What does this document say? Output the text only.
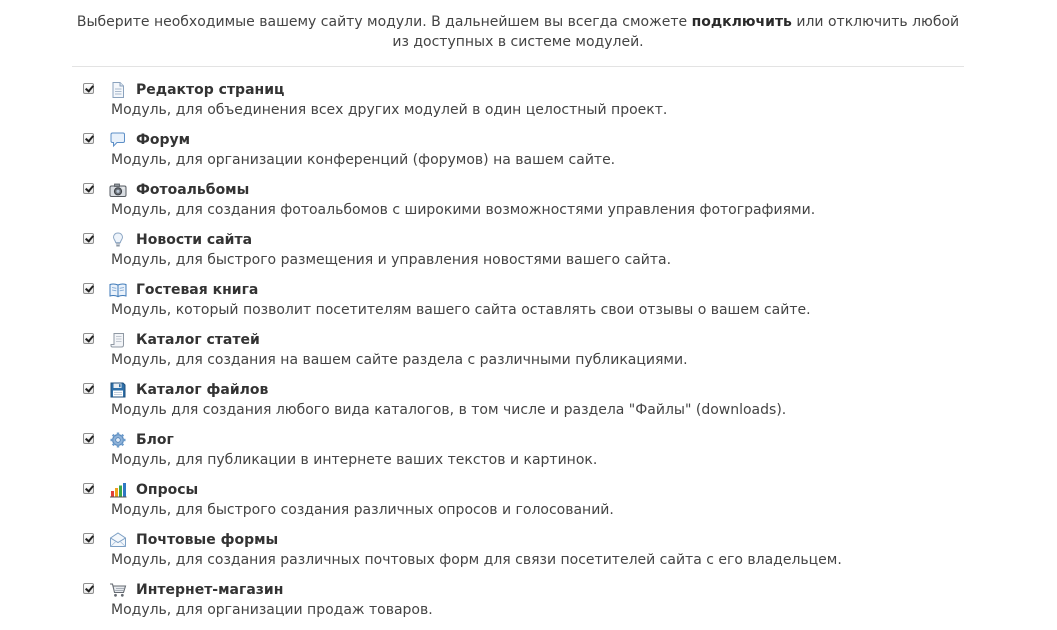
Выберите необходимые вашему сайту модули. В дальнейшем вы всегда сможете подключить или отключить любой из доступных в системе модулей.
Редактор страниц
Модуль, для объединения всех других модулей в один целостный проект.
Форум
Модуль, для организации конференций (форумов) на вашем сайте.
Фотоальбомы
Модуль, для создания фотоальбомов с широкими возможностями управления фотографиями.
Новости сайта
Модуль, для быстрого размещения и управления новостями вашего сайта.
Гостевая книга
Модуль, который позволит посетителям вашего сайта оставлять свои отзывы о вашем сайте.
Каталог статей
Модуль, для создания на вашем сайте раздела с различными публикациями.
Каталог файлов
Модуль для создания любого вида каталогов, в том числе и раздела "Файлы" (downloads).
Блог
Модуль, для публикации в интернете ваших текстов и картинок.
Опросы
Модуль, для быстрого создания различных опросов и голосований.
Почтовые формы
Модуль, для создания различных почтовых форм для связи посетителей сайта с его владельцем.
Интернет-магазин
Модуль, для организации продаж товаров.
